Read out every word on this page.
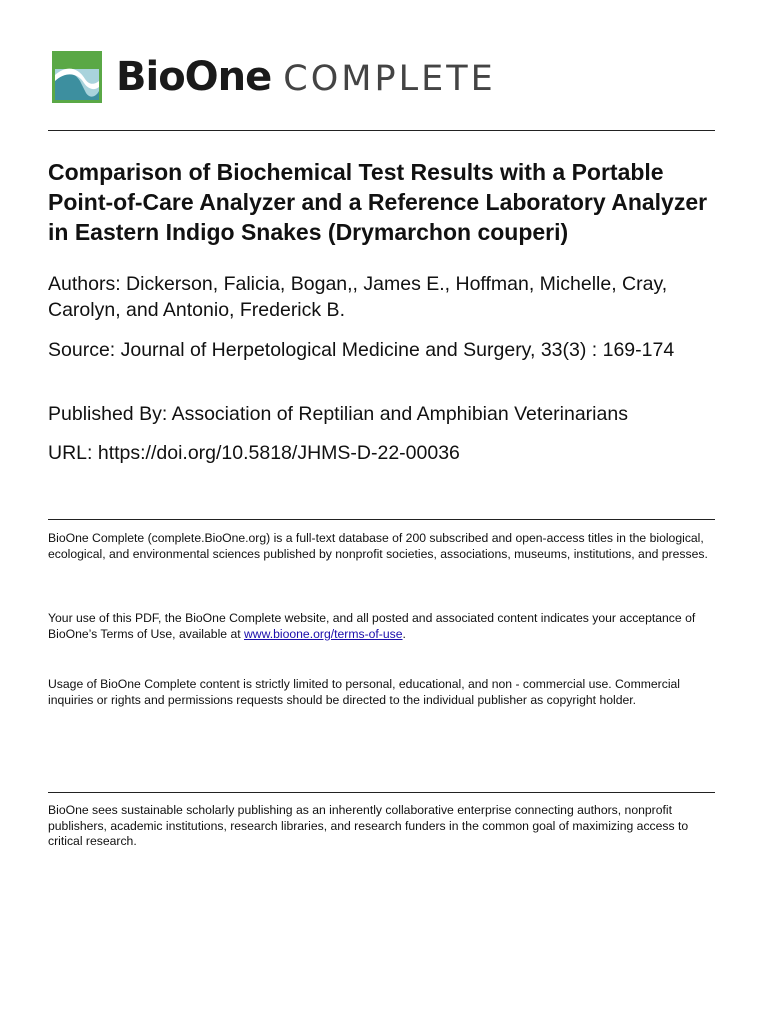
BioOne COMPLETE
Comparison of Biochemical Test Results with a Portable Point-of-Care Analyzer and a Reference Laboratory Analyzer in Eastern Indigo Snakes (Drymarchon couperi)

Authors: Dickerson, Falicia, Bogan,, James E., Hoffman, Michelle, Cray, Carolyn, and Antonio, Frederick B.

Source: Journal of Herpetological Medicine and Surgery, 33(3) : 169-174

Published By: Association of Reptilian and Amphibian Veterinarians

URL: https://doi.org/10.5818/JHMS-D-22-00036

BioOne Complete (complete.BioOne.org) is a full-text database of 200 subscribed and open-access titles in the biological, ecological, and environmental sciences published by nonprofit societies, associations, museums, institutions, and presses.

Your use of this PDF, the BioOne Complete website, and all posted and associated content indicates your acceptance of BioOne’s Terms of Use, available at www.bioone.org/terms-of-use.

Usage of BioOne Complete content is strictly limited to personal, educational, and non - commercial use. Commercial inquiries or rights and permissions requests should be directed to the individual publisher as copyright holder.

BioOne sees sustainable scholarly publishing as an inherently collaborative enterprise connecting authors, nonprofit publishers, academic institutions, research libraries, and research funders in the common goal of maximizing access to critical research.
